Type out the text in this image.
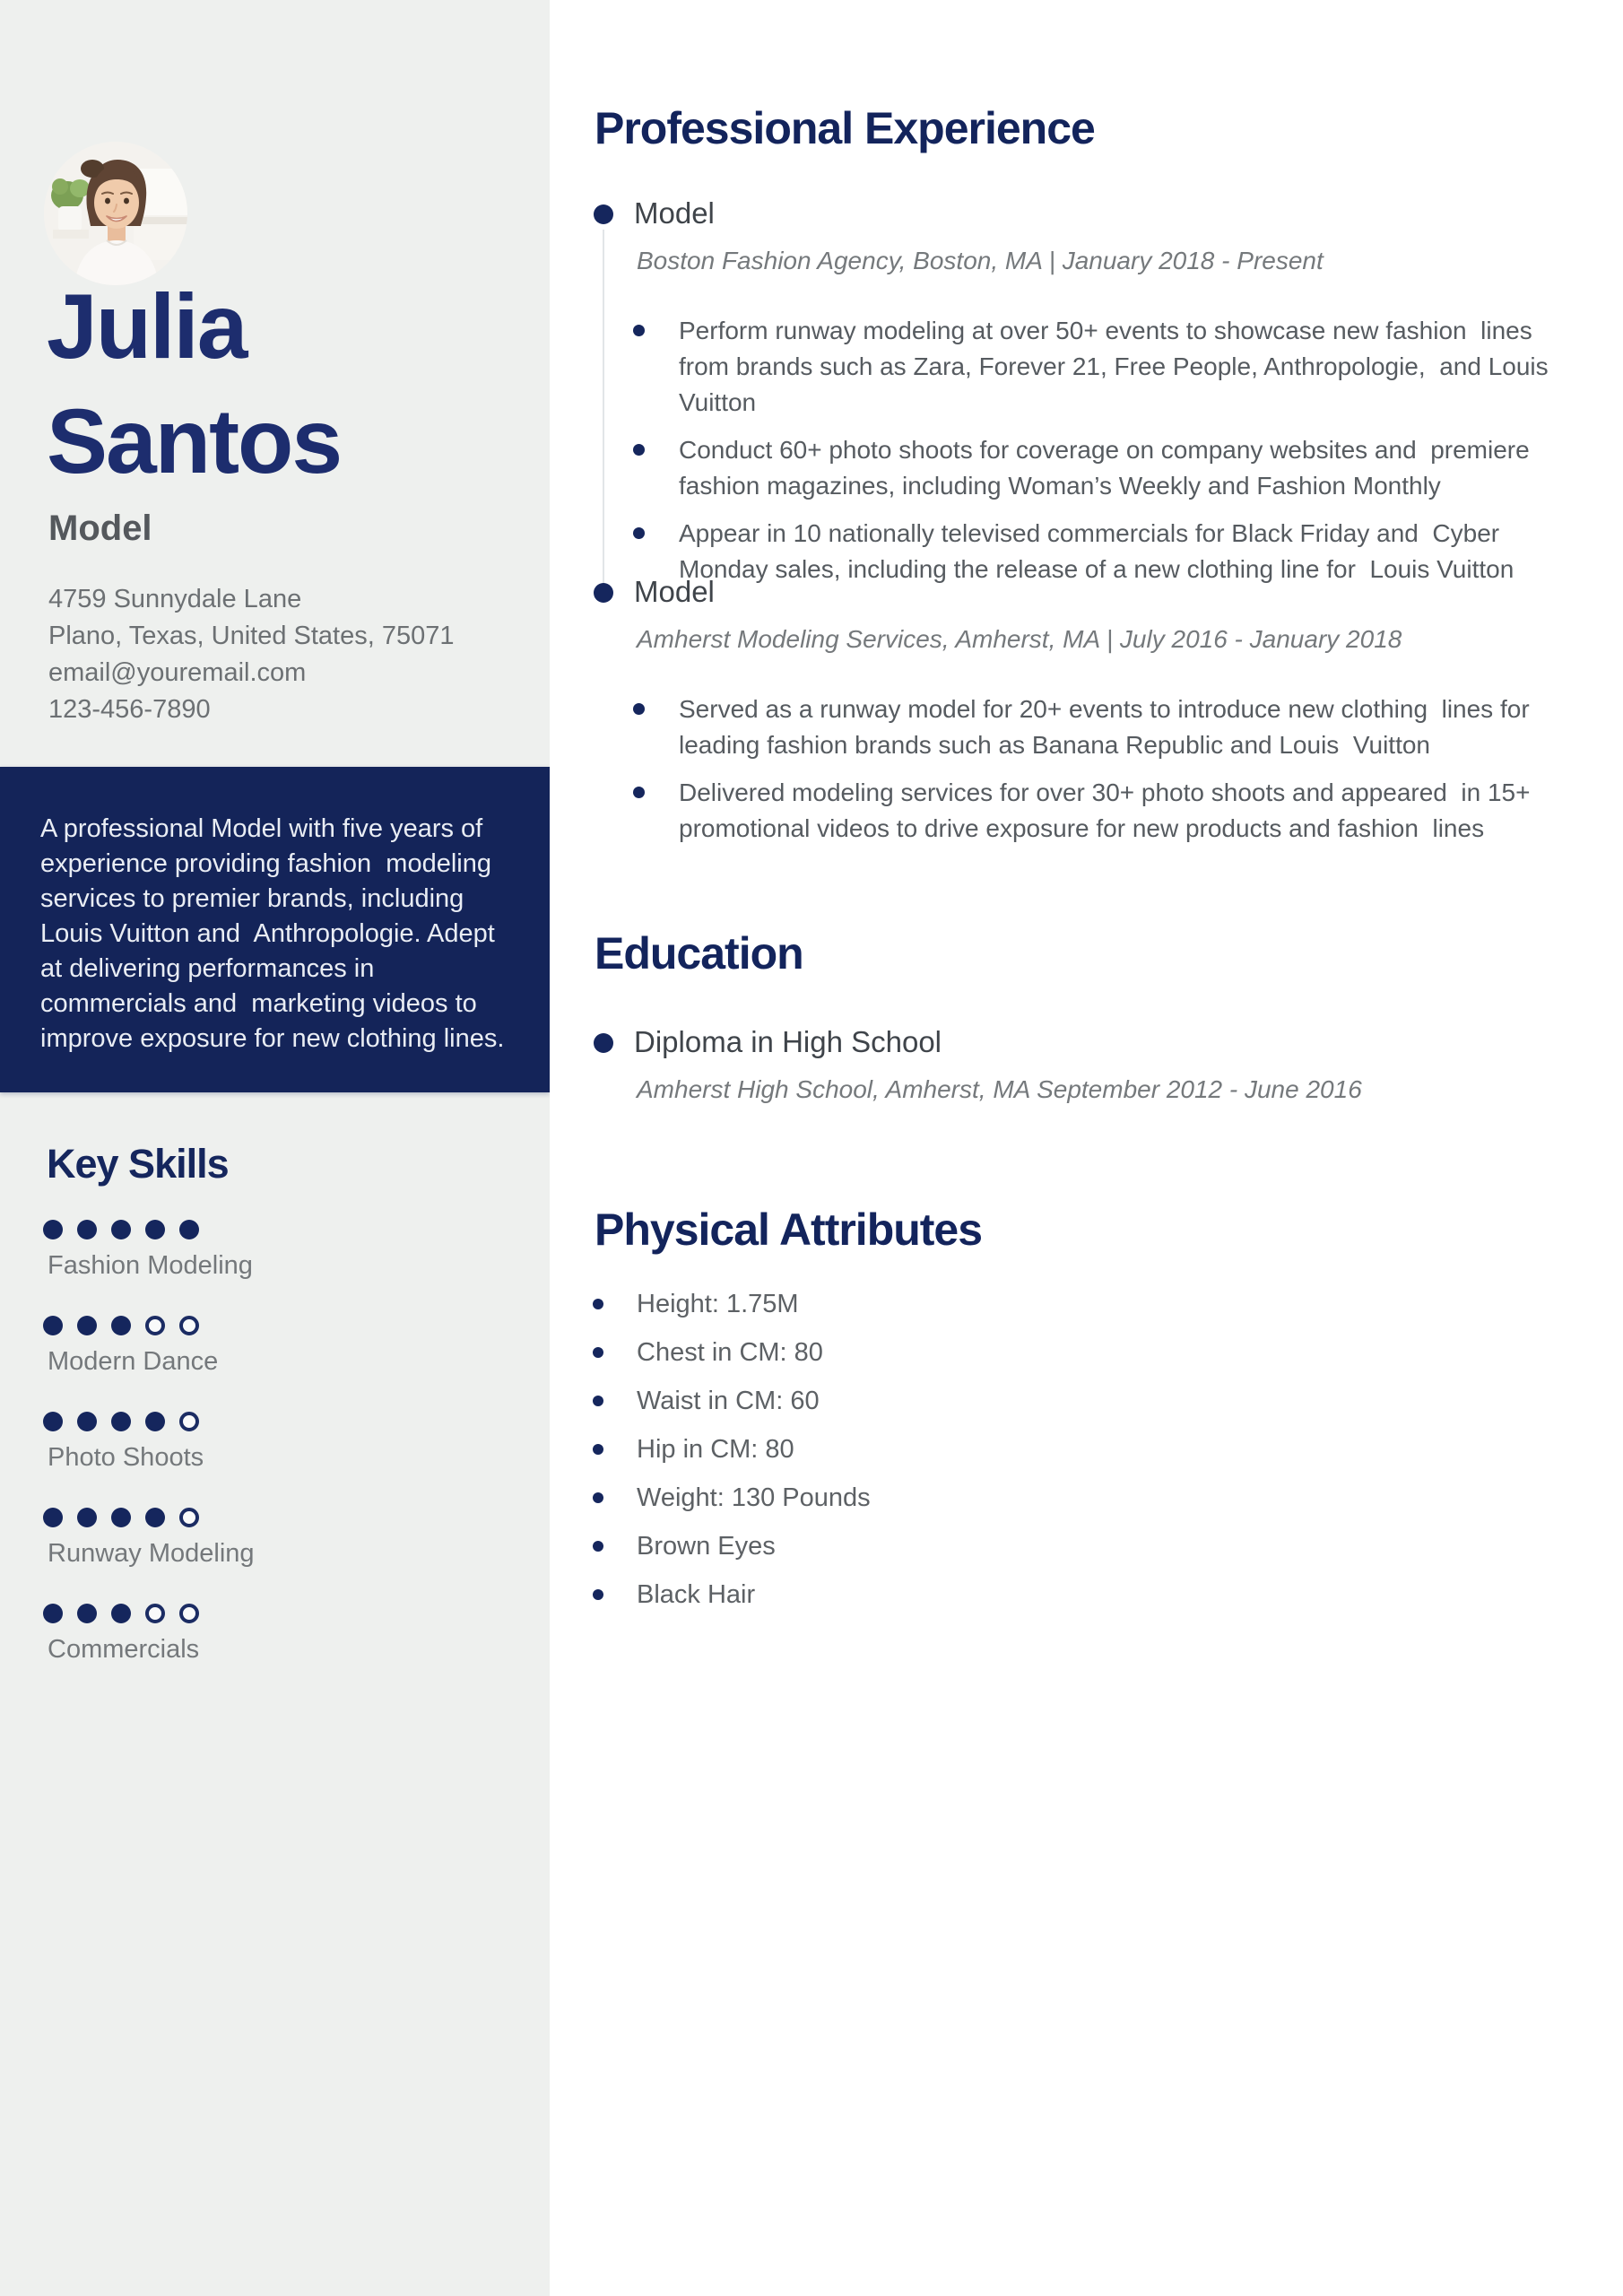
Julia
Santos
Model
4759 Sunnydale Lane
Plano, Texas, United States, 75071
email@youremail.com
123-456-7890

A professional Model with five years of experience providing fashion  modeling services to premier brands, including Louis Vuitton and  Anthropologie. Adept at delivering performances in commercials and  marketing videos to improve exposure for new clothing lines.

Key Skills
Fashion Modeling
Modern Dance
Photo Shoots
Runway Modeling
Commercials
Professional Experience
Model

Boston Fashion Agency, Boston, MA | January 2018 - Present

Perform runway modeling at over 50+ events to showcase new fashion  lines from brands such as Zara, Forever 21, Free People, Anthropologie,  and Louis Vuitton
Conduct 60+ photo shoots for coverage on company websites and  premiere fashion magazines, including Woman’s Weekly and Fashion Monthly
Appear in 10 nationally televised commercials for Black Friday and  Cyber Monday sales, including the release of a new clothing line for  Louis Vuitton
Model

Amherst Modeling Services, Amherst, MA | July 2016 - January 2018

Served as a runway model for 20+ events to introduce new clothing  lines for leading fashion brands such as Banana Republic and Louis  Vuitton
Delivered modeling services for over 30+ photo shoots and appeared  in 15+ promotional videos to drive exposure for new products and fashion  lines
Education
Diploma in High School

Amherst High School, Amherst, MA September 2012 - June 2016

Physical Attributes
Height: 1.75M
Chest in CM: 80
Waist in CM: 60
Hip in CM: 80
Weight: 130 Pounds
Brown Eyes
Black Hair
